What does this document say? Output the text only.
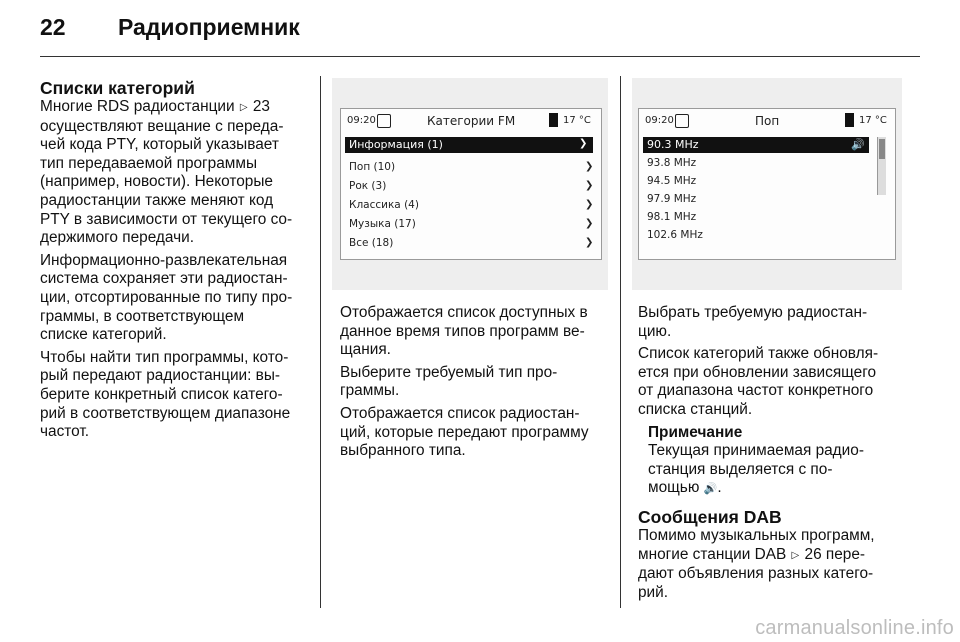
22 Радиоприемник
Списки категорий

Многие RDS радиостанции ▷ 23
осуществляют вещание с переда-
чей кода PTY, который указывает
тип передаваемой программы
(например, новости). Некоторые
радиостанции также меняют код
PTY в зависимости от текущего со-
держимого передачи.

Информационно-развлекательная
система сохраняет эти радиостан-
ции, отсортированные по типу про-
граммы, в соответствующем
списке категорий.

Чтобы найти тип программы, кото-
рый передают радиостанции: вы-
берите конкретный список катего-
рий в соответствующем диапазоне
частот.

09:20	Категории FM	17 °C
Информация (1)	❯
Поп (10)	❯
Рок (3)	❯
Классика (4)	❯
Музыка (17)	❯
Все (18)	❯

Отображается список доступных в
данное время типов программ ве-
щания.

Выберите требуемый тип про-
граммы.

Отображается список радиостан-
ций, которые передают программу
выбранного типа.

09:20	Поп	17 °C
90.3 MHz	🔊
93.8 MHz
94.5 MHz
97.9 MHz
98.1 MHz
102.6 MHz

Выбрать требуемую радиостан-
цию.

Список категорий также обновля-
ется при обновлении зависящего
от диапазона частот конкретного
списка станций.

Примечание
Текущая принимаемая радио-
станция выделяется с по-
мощью 🔊.
Сообщения DAB

Помимо музыкальных программ,
многие станции DAB ▷ 26 пере-
дают объявления разных катего-
рий.

carmanualsonline.info
